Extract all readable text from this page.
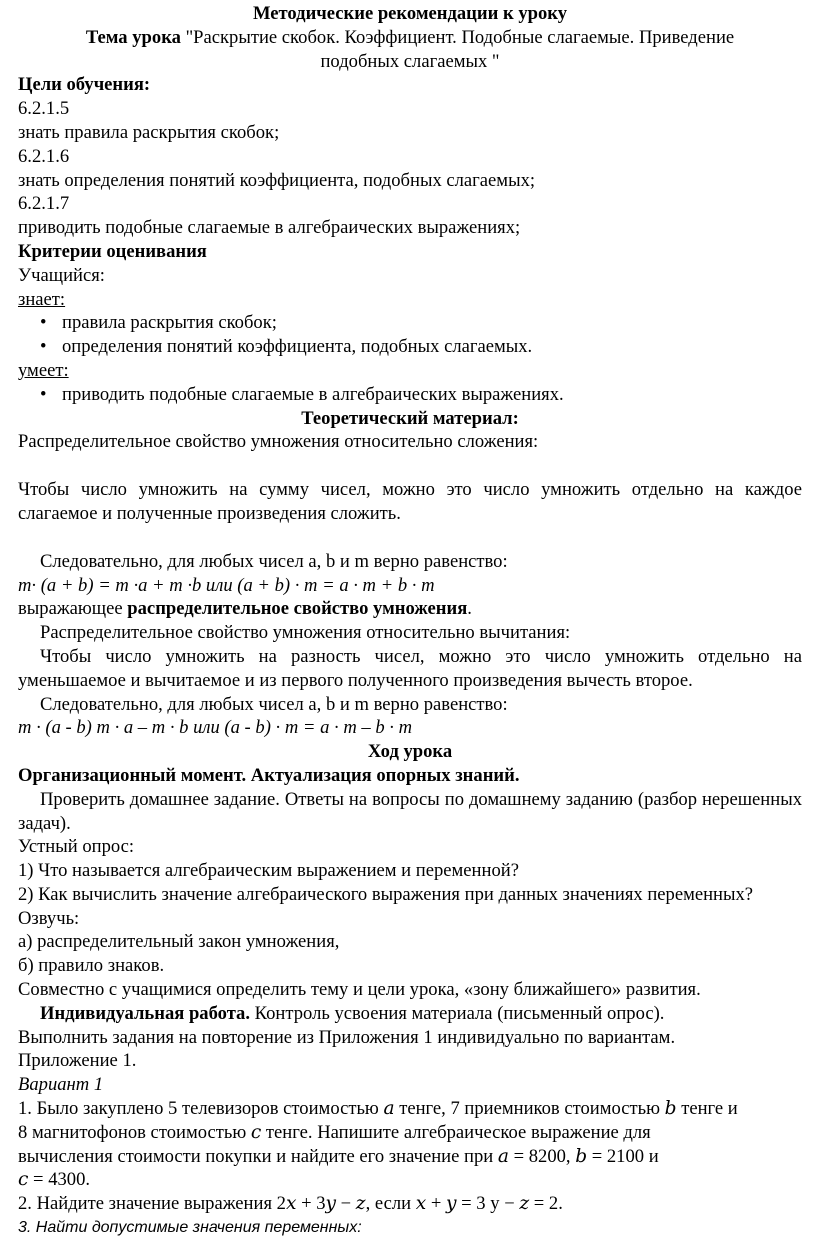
Методические рекомендации к уроку

Тема урока "Раскрытие скобок. Коэффициент. Подобные слагаемые. Приведение

подобных слагаемых "

Цели обучения:

6.2.1.5

знать правила раскрытия скобок;

6.2.1.6

знать определения понятий коэффициента, подобных слагаемых;

6.2.1.7

приводить подобные слагаемые в алгебраических выражениях;

Критерии оценивания

Учащийся:

знает:

• правила раскрытия скобок;
• определения понятий коэффициента, подобных слагаемых.

умеет:

• приводить подобные слагаемые в алгебраических выражениях.

Теоретический материал:

Распределительное свойство умножения относительно сложения:

Чтобы число умножить на сумму чисел, можно это число умножить отдельно на каждое слагаемое и полученные произведения сложить.

Следовательно, для любых чисел a, b и m верно равенство:

m· (a + b) = m ·a + m ·b или (a + b) · m = a · m + b · m

выражающее распределительное свойство умножения.

Распределительное свойство умножения относительно вычитания:

Чтобы число умножить на разность чисел, можно это число умножить отдельно на уменьшаемое и вычитаемое и из первого полученного произведения вычесть второе.

Следовательно, для любых чисел a, b и m верно равенство:

m · (a - b) m · a – m · b или (a - b) · m = a · m – b · m

Ход урока

Организационный момент. Актуализация опорных знаний.

Проверить домашнее задание. Ответы на вопросы по домашнему заданию (разбор нерешенных задач).

Устный опрос:

1) Что называется алгебраическим выражением и переменной?

2) Как вычислить значение алгебраического выражения при данных значениях переменных?

Озвучь:

а) распределительный закон умножения,

б) правило знаков.

Совместно с учащимися определить тему и цели урока, «зону ближайшего» развития.

Индивидуальная работа. Контроль усвоения материала (письменный опрос).

Выполнить задания на повторение из Приложения 1 индивидуально по вариантам.

Приложение 1.

Вариант 1

1. Было закуплено 5 телевизоров стоимостью 𝑎 тенге, 7 приемников стоимостью 𝑏 тенге и

8 магнитофонов стоимостью 𝑐 тенге. Напишите алгебраическое выражение для

вычисления стоимости покупки и найдите его значение при 𝑎 = 8200, 𝑏 = 2100 и

𝑐 = 4300.

2. Найдите значение выражения 2𝑥 + 3𝑦 − 𝑧, если 𝑥 + 𝑦 = 3 у − 𝑧 = 2.

3. Найти допустимые значения переменных:
